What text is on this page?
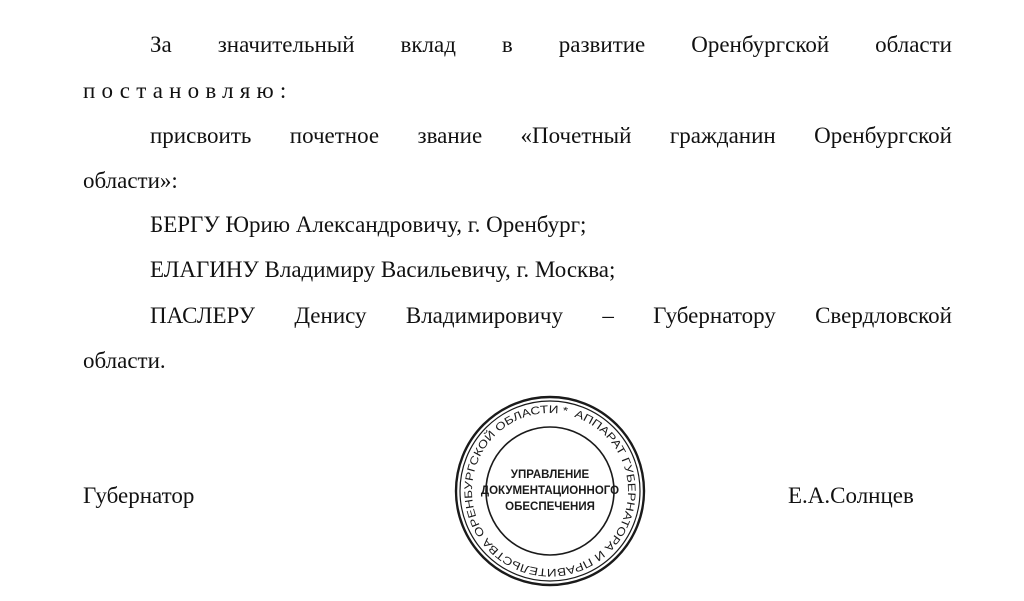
За значительный вклад в развитие Оренбургской области
постановляю:
присвоить почетное звание «Почетный гражданин Оренбургской
области»:
БЕРГУ Юрию Александровичу, г. Оренбург;
ЕЛАГИНУ Владимиру Васильевичу, г. Москва;
ПАСЛЕРУ Денису Владимировичу – Губернатору Свердловской
области.
Губернатор
АППАРАТ ГУБЕРНАТОРА И ПРАВИТЕЛЬСТВА ОРЕНБУРГСКОЙ ОБЛАСТИ *
УПРАВЛЕНИЕ
ДОКУМЕНТАЦИОННОГО
ОБЕСПЕЧЕНИЯ	Е.А.Солнцев
